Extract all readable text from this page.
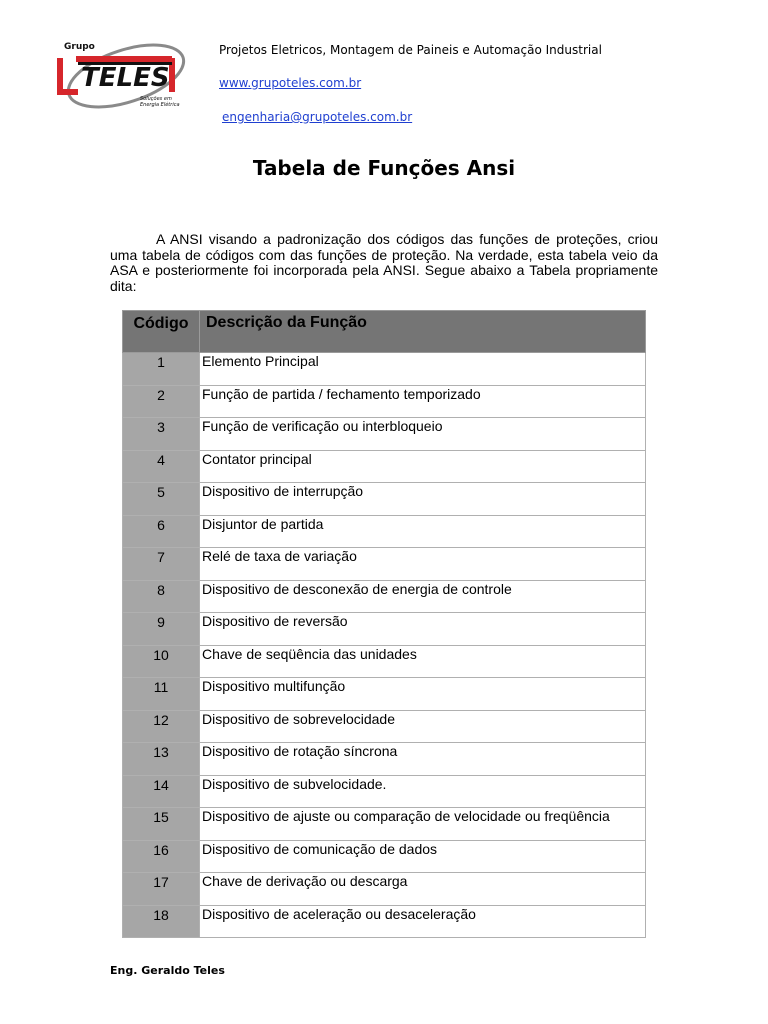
Grupo
TELES
Soluções em
Energia Elétrica
Projetos Eletricos, Montagem de Paineis e Automação Industrial
www.grupoteles.com.br
engenharia@grupoteles.com.br
Tabela de Funções Ansi

A ANSI visando a padronização dos códigos das funções de proteções, criou uma tabela de códigos com das funções de proteção. Na verdade, esta tabela veio da ASA e posteriormente foi incorporada pela ANSI. Segue abaixo a Tabela propriamente dita:

Código	Descrição da Função
1	Elemento Principal
2	Função de partida / fechamento temporizado
3	Função de verificação ou interbloqueio
4	Contator principal
5	Dispositivo de interrupção
6	Disjuntor de partida
7	Relé de taxa de variação
8	Dispositivo de desconexão de energia de controle
9	Dispositivo de reversão
10	Chave de seqüência das unidades
11	Dispositivo multifunção
12	Dispositivo de sobrevelocidade
13	Dispositivo de rotação síncrona
14	Dispositivo de subvelocidade.
15	Dispositivo de ajuste ou comparação de velocidade ou freqüência
16	Dispositivo de comunicação de dados
17	Chave de derivação ou descarga
18	Dispositivo de aceleração ou desaceleração
Eng. Geraldo Teles
